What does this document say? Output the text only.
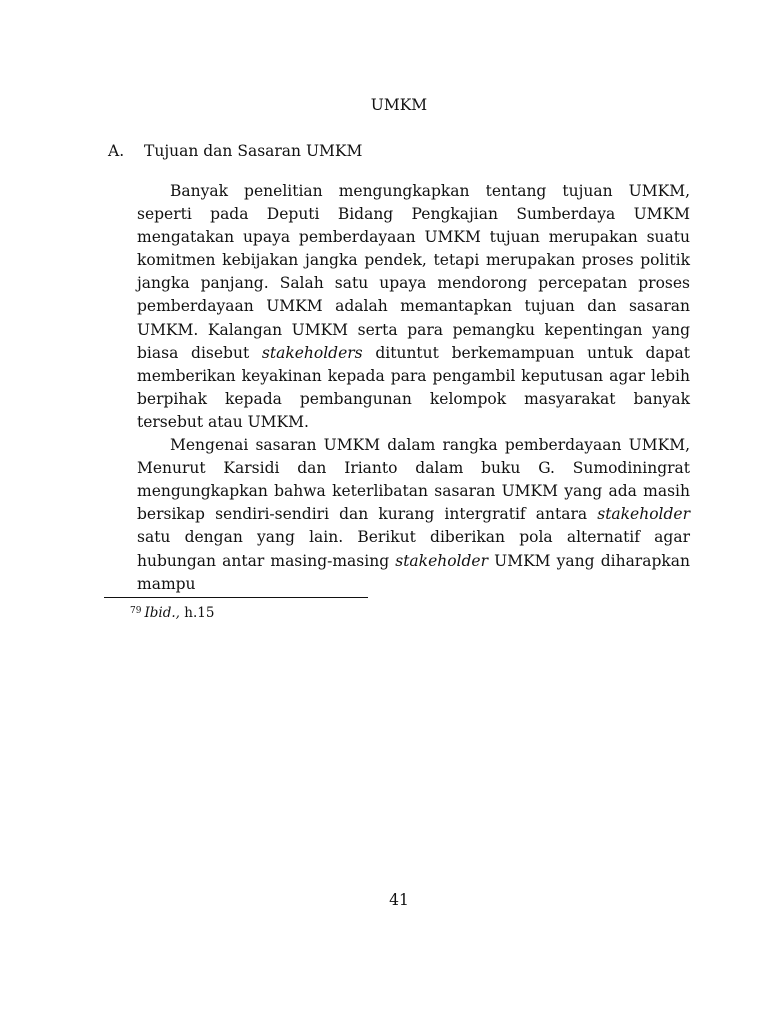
UMKM
A. Tujuan dan Sasaran UMKM

Banyak penelitian mengungkapkan tentang tujuan UMKM, seperti pada Deputi Bidang Pengkajian Sumberdaya UMKM mengatakan upaya pemberdayaan UMKM tujuan merupakan suatu komitmen kebijakan jangka pendek, tetapi merupakan proses politik jangka panjang. Salah satu upaya mendorong percepatan proses pemberdayaan UMKM adalah memantapkan tujuan dan sasaran UMKM. Kalangan UMKM serta para pemangku kepentingan yang biasa disebut stakeholders dituntut berkemampuan untuk dapat memberikan keyakinan kepada para pengambil keputusan agar lebih berpihak kepada pembangunan kelompok masyarakat banyak tersebut atau UMKM.

Mengenai sasaran UMKM dalam rangka pemberdayaan UMKM, Menurut Karsidi dan Irianto dalam buku G. Sumodiningrat mengungkapkan bahwa keterlibatan sasaran UMKM yang ada masih bersikap sendiri-sendiri dan kurang intergratif antara stakeholder satu dengan yang lain. Berikut diberikan pola alternatif agar hubungan antar masing-masing stakeholder UMKM yang diharapkan mampu

$^{79}$ Ibid., h.15
41
